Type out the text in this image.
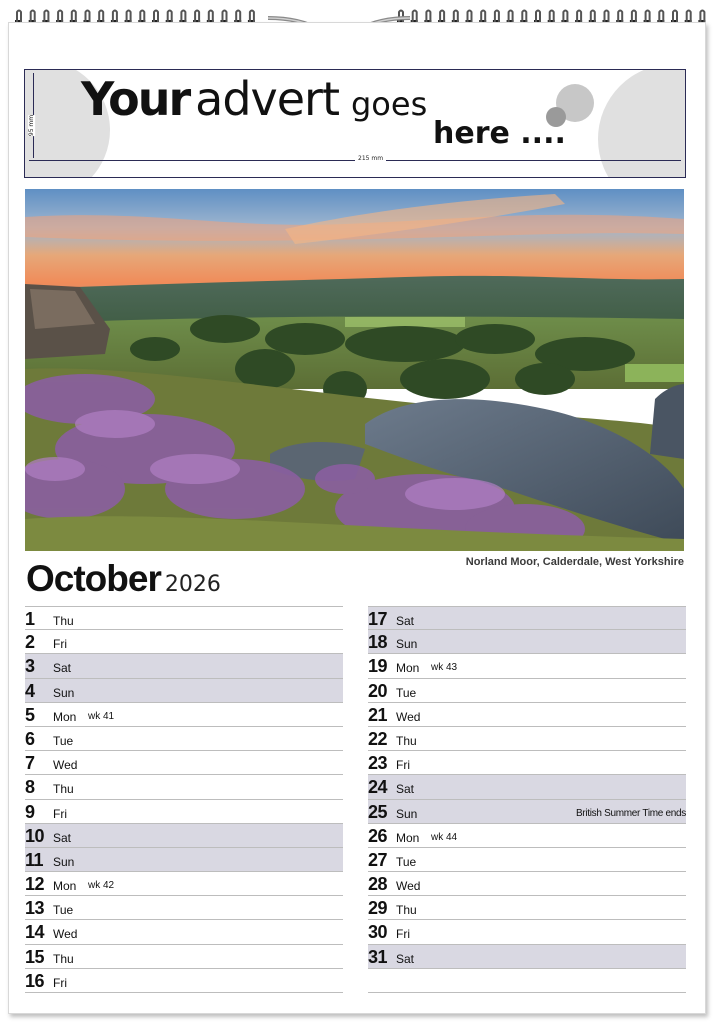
Your advert goes
here ....
95 mm
215 mm
Norland Moor, Calderdale, West Yorkshire
October 2026
1 Thu
2 Fri
3 Sat
4 Sun
5 Mon wk 41
6 Tue
7 Wed
8 Thu
9 Fri
10 Sat
11 Sun
12 Mon wk 42
13 Tue
14 Wed
15 Thu
16 Fri
17 Sat
18 Sun
19 Mon wk 43
20 Tue
21 Wed
22 Thu
23 Fri
24 Sat
25 Sun	British Summer Time ends
26 Mon wk 44
27 Tue
28 Wed
29 Thu
30 Fri
31 Sat
